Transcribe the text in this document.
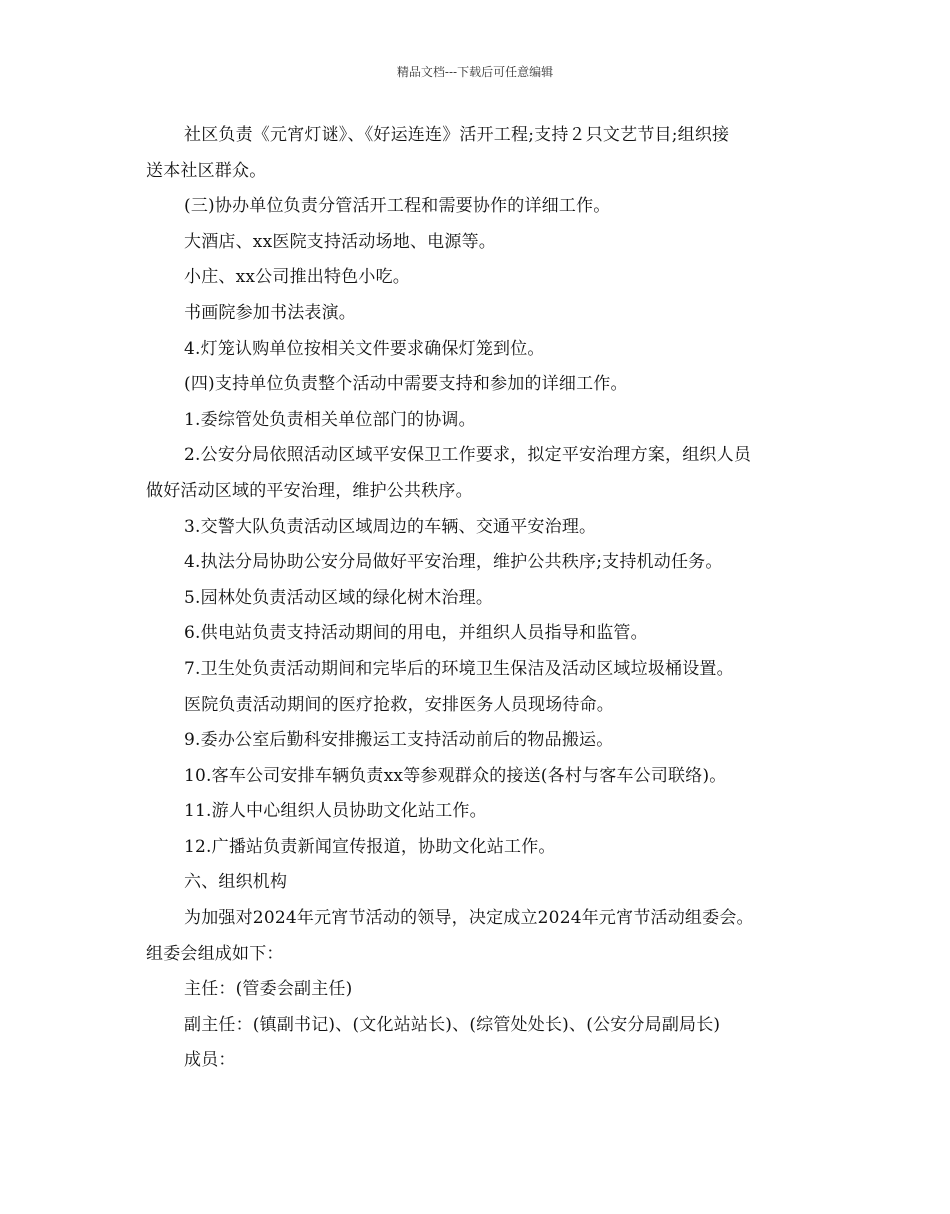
精品文档---下载后可任意编辑
社区负责《元宵灯谜》、《好运连连》活开工程;支持２只文艺节目;组织接
送本社区群众。
(三)协办单位负责分管活开工程和需要协作的详细工作。
大酒店、xx医院支持活动场地、电源等。
小庄、xx公司推出特色小吃。
书画院参加书法表演。
4.灯笼认购单位按相关文件要求确保灯笼到位。
(四)支持单位负责整个活动中需要支持和参加的详细工作。
1.委综管处负责相关单位部门的协调。
2.公安分局依照活动区域平安保卫工作要求，拟定平安治理方案，组织人员
做好活动区域的平安治理，维护公共秩序。
3.交警大队负责活动区域周边的车辆、交通平安治理。
4.执法分局协助公安分局做好平安治理，维护公共秩序;支持机动任务。
5.园林处负责活动区域的绿化树木治理。
6.供电站负责支持活动期间的用电，并组织人员指导和监管。
7.卫生处负责活动期间和完毕后的环境卫生保洁及活动区域垃圾桶设置。
医院负责活动期间的医疗抢救，安排医务人员现场待命。
9.委办公室后勤科安排搬运工支持活动前后的物品搬运。
10.客车公司安排车辆负责xx等参观群众的接送(各村与客车公司联络)。
11.游人中心组织人员协助文化站工作。
12.广播站负责新闻宣传报道，协助文化站工作。
六、组织机构
为加强对2024年元宵节活动的领导，决定成立2024年元宵节活动组委会。
组委会组成如下：
主任：(管委会副主任)
副主任：(镇副书记)、(文化站站长)、(综管处处长)、(公安分局副局长)
成员：
